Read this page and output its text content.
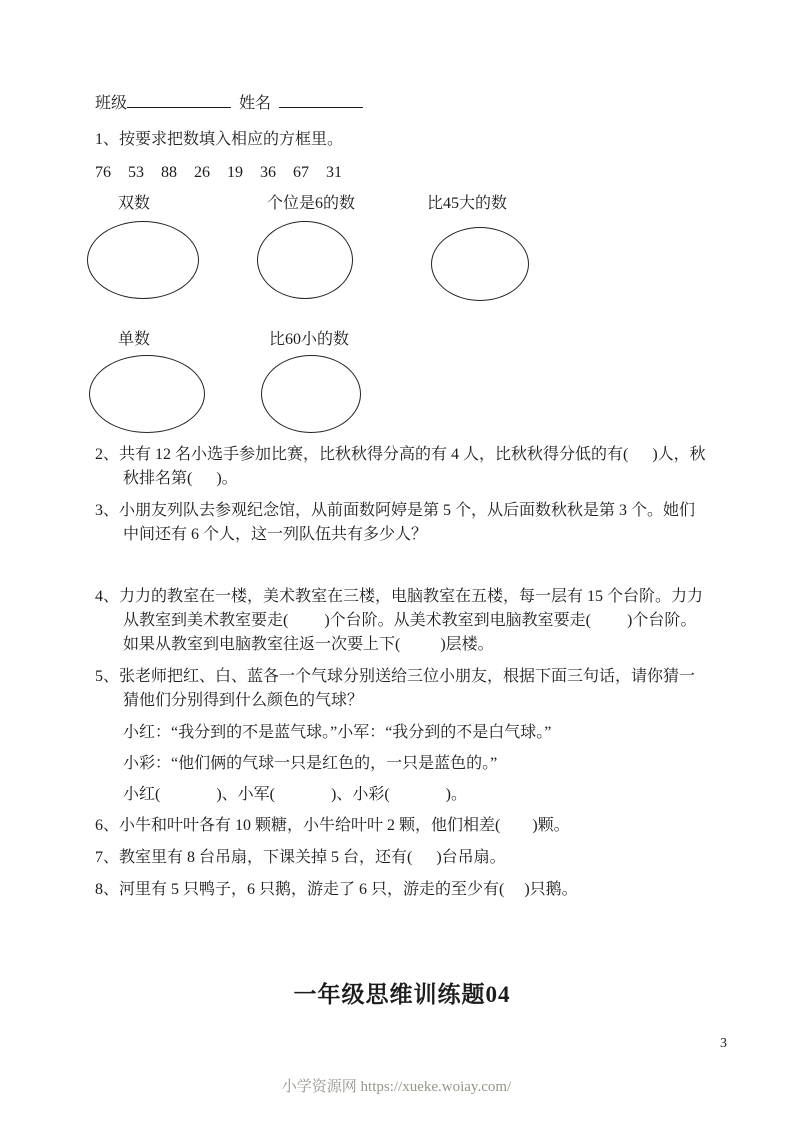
班级	姓名

1、按要求把数填入相应的方框里。

76 53 88 26 19 36 67 31
双数	个位是6的数	比45大的数
单数	比60小的数

2、共有 12 名小选手参加比赛，比秋秋得分高的有 4 人，比秋秋得分低的有(      )人，秋秋排名第(      )。

3、小朋友列队去参观纪念馆，从前面数阿婷是第 5 个，从后面数秋秋是第 3 个。她们中间还有 6 个人，这一列队伍共有多少人？

4、力力的教室在一楼，美术教室在三楼，电脑教室在五楼，每一层有 15 个台阶。力力从教室到美术教室要走(         )个台阶。从美术教室到电脑教室要走(         )个台阶。如果从教室到电脑教室往返一次要上下(          )层楼。

5、张老师把红、白、蓝各一个气球分别送给三位小朋友，根据下面三句话，请你猜一猜他们分别得到什么颜色的气球？

小红：“我分到的不是蓝气球。”小军：“我分到的不是白气球。”

小彩：“他们俩的气球一只是红色的，一只是蓝色的。”

小红(              )、小军(              )、小彩(              )。

6、小牛和叶叶各有 10 颗糖，小牛给叶叶 2 颗，他们相差(        )颗。

7、教室里有 8 台吊扇，下课关掉 5 台，还有(      )台吊扇。

8、河里有 5 只鸭子，6 只鹅，游走了 6 只，游走的至少有(     )只鹅。

一年级思维训练题04
3
小学资源网 https://xueke.woiay.com/
